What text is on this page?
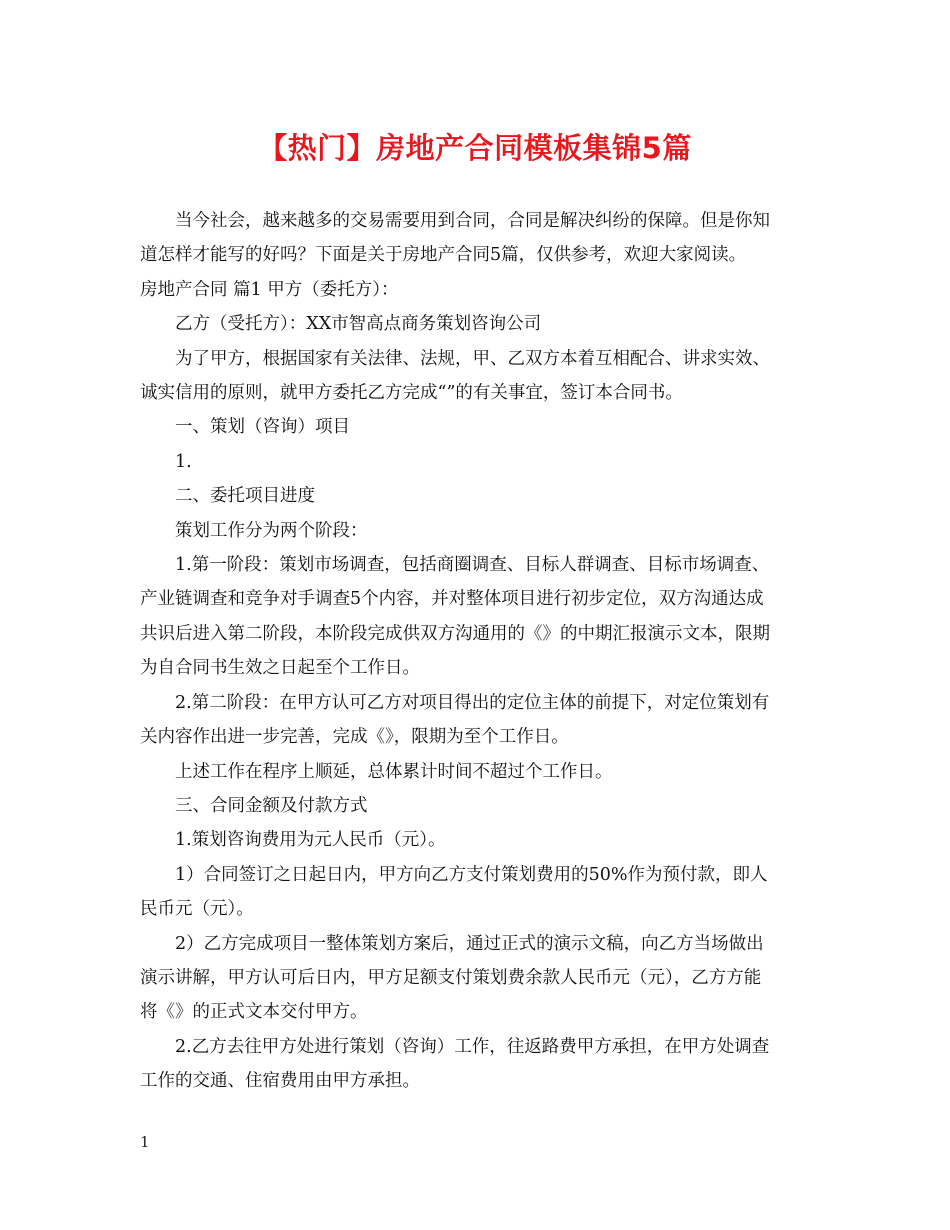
【热门】房地产合同模板集锦5篇

当今社会，越来越多的交易需要用到合同，合同是解决纠纷的保障。但是你知

道怎样才能写的好吗？下面是关于房地产合同5篇，仅供参考，欢迎大家阅读。

房地产合同 篇1 甲方（委托方）：

乙方（受托方）：XX市智高点商务策划咨询公司

为了甲方，根据国家有关法律、法规，甲、乙双方本着互相配合、讲求实效、

诚实信用的原则，就甲方委托乙方完成“”的有关事宜，签订本合同书。

一、策划（咨询）项目

1.

二、委托项目进度

策划工作分为两个阶段：

1.第一阶段：策划市场调查，包括商圈调查、目标人群调查、目标市场调查、

产业链调查和竞争对手调查5个内容，并对整体项目进行初步定位，双方沟通达成

共识后进入第二阶段，本阶段完成供双方沟通用的《》的中期汇报演示文本，限期

为自合同书生效之日起至个工作日。

2.第二阶段：在甲方认可乙方对项目得出的定位主体的前提下，对定位策划有

关内容作出进一步完善，完成《》，限期为至个工作日。

上述工作在程序上顺延，总体累计时间不超过个工作日。

三、合同金额及付款方式

1.策划咨询费用为元人民币（元）。

1）合同签订之日起日内，甲方向乙方支付策划费用的50%作为预付款，即人

民币元（元）。

2）乙方完成项目一整体策划方案后，通过正式的演示文稿，向乙方当场做出

演示讲解，甲方认可后日内，甲方足额支付策划费余款人民币元（元），乙方方能

将《》的正式文本交付甲方。

2.乙方去往甲方处进行策划（咨询）工作，往返路费甲方承担，在甲方处调查

工作的交通、住宿费用由甲方承担。

1
